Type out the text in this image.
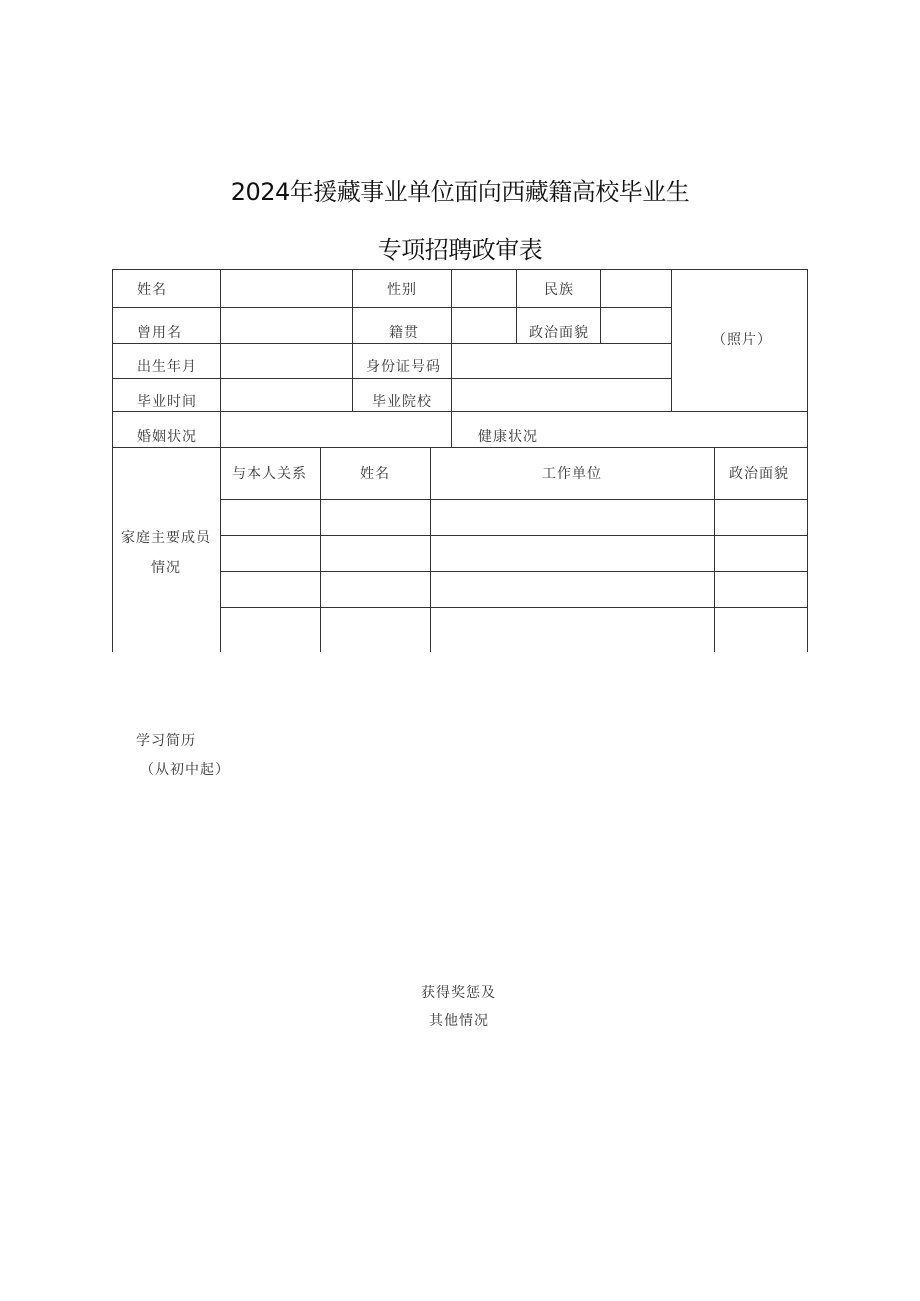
2024年援藏事业单位面向西藏籍高校毕业生
专项招聘政审表
姓名	性别	民族
（照片）
曾用名	籍贯	政治面貌
出生年月	身份证号码
毕业时间	毕业院校
婚姻状况	健康状况
家庭主要成员
情况
与本人关系	姓名	工作单位	政治面貌
学习简历
（从初中起）
获得奖惩及
其他情况
